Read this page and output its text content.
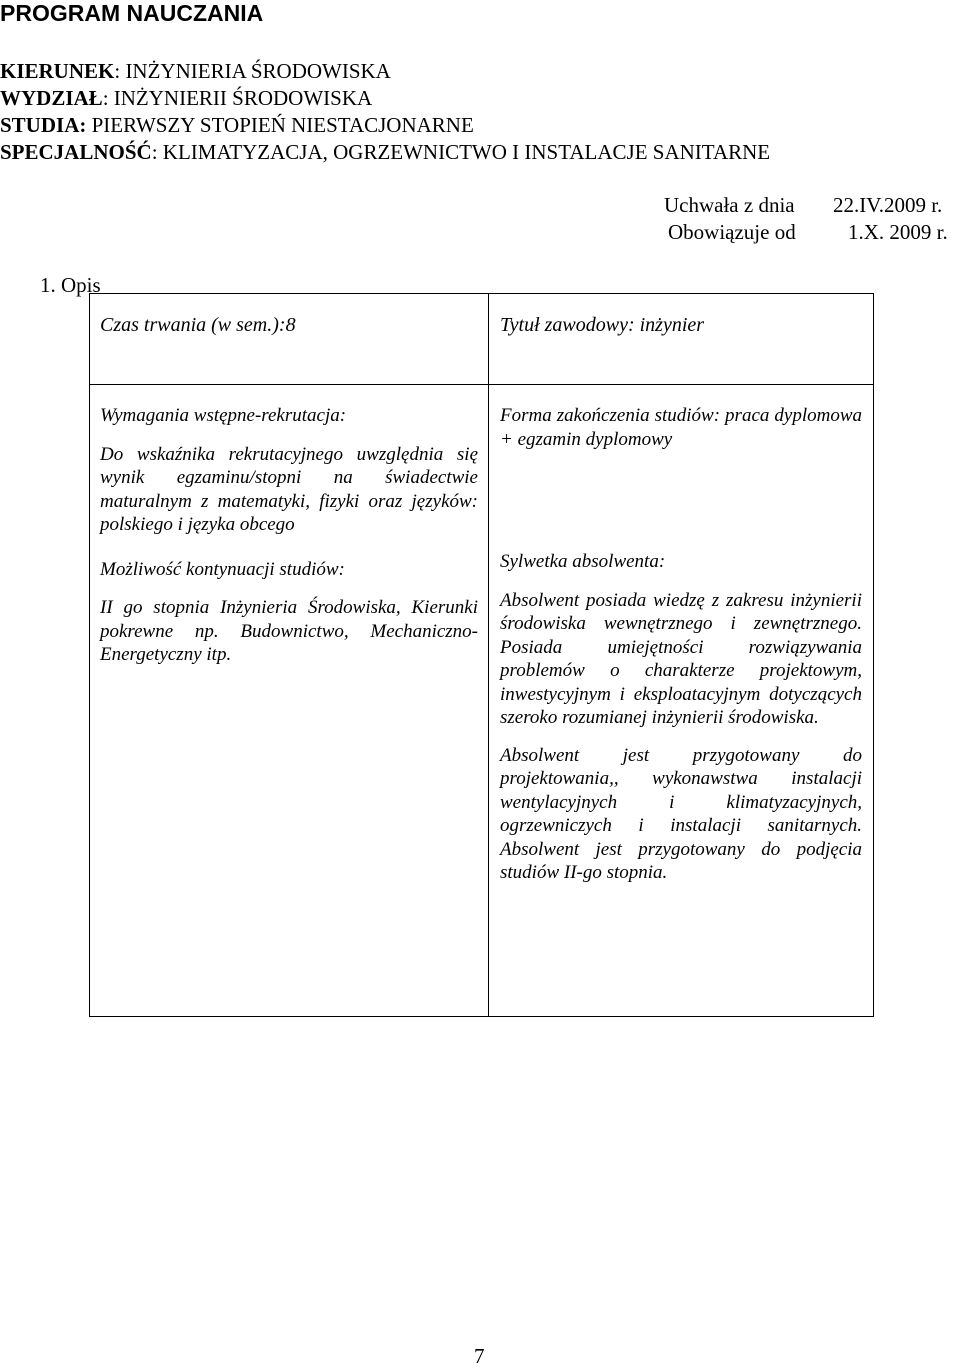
PROGRAM NAUCZANIA
KIERUNEK: INŻYNIERIA ŚRODOWISKA
WYDZIAŁ: INŻYNIERII ŚRODOWISKA
STUDIA: PIERWSZY STOPIEŃ NIESTACJONARNE
SPECJALNOŚĆ: KLIMATYZACJA, OGRZEWNICTWO I INSTALACJE SANITARNE
Uchwała z dnia 22.IV.2009 r.
Obowiązuje od 1.X. 2009 r.
1. Opis
Czas trwania (w sem.):8	Tytuł zawodowy: inżynier

Wymagania wstępne-rekrutacja:

Do wskaźnika rekrutacyjnego uwzględnia się wynik egzaminu/stopni na świadectwie maturalnym z matematyki, fizyki oraz języków: polskiego i języka obcego

Możliwość kontynuacji studiów:

II go stopnia Inżynieria Środowiska, Kierunki pokrewne np. Budownictwo, Mechaniczno-Energetyczny itp.

Forma zakończenia studiów: praca dyplomowa + egzamin dyplomowy

Sylwetka absolwenta:

Absolwent posiada wiedzę z zakresu inżynierii środowiska wewnętrznego i zewnętrznego. Posiada umiejętności rozwiązywania problemów o charakterze projektowym, inwestycyjnym i eksploatacyjnym dotyczących szeroko rozumianej inżynierii środowiska.

Absolwent jest przygotowany do projektowania,, wykonawstwa instalacji wentylacyjnych i klimatyzacyjnych, ogrzewniczych i instalacji sanitarnych. Absolwent jest przygotowany do podjęcia studiów II-go stopnia.

7
